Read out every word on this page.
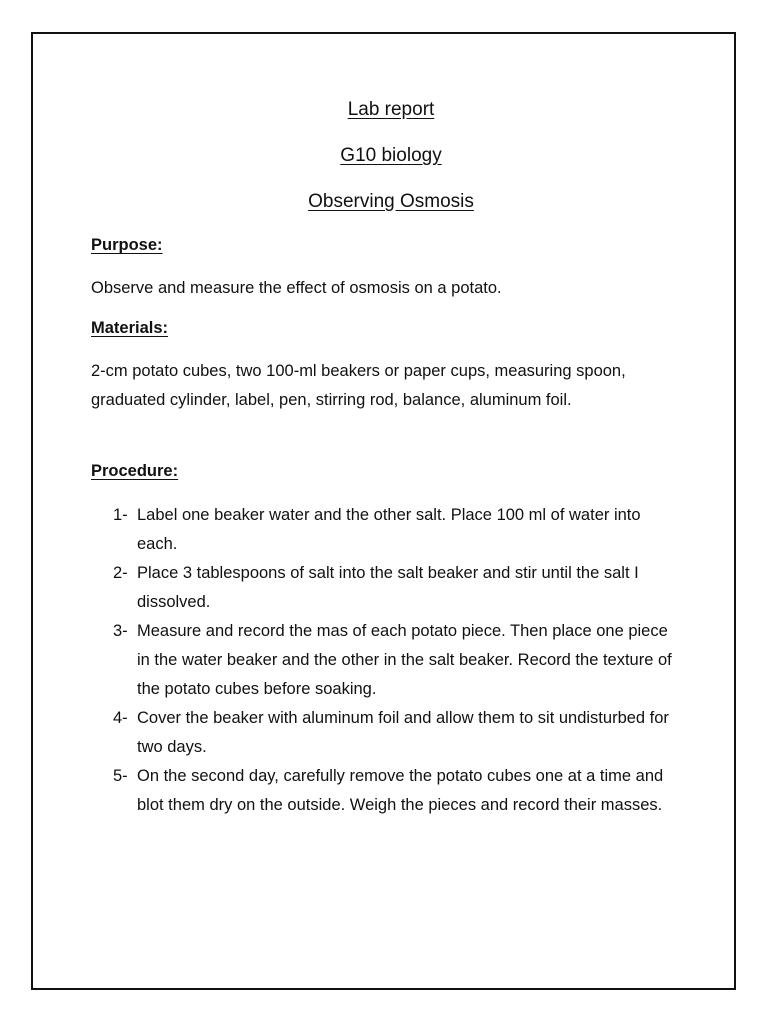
Lab report
G10 biology
Observing Osmosis
Purpose:

Observe and measure the effect of osmosis on a potato.

Materials:

2-cm potato cubes, two 100-ml beakers or paper cups, measuring spoon, graduated cylinder, label, pen, stirring rod, balance, aluminum foil.

Procedure:
1- Label one beaker water and the other salt. Place 100 ml of water into each.
2- Place 3 tablespoons of salt into the salt beaker and stir until the salt I dissolved.
3- Measure and record the mas of each potato piece. Then place one piece in the water beaker and the other in the salt beaker. Record the texture of the potato cubes before soaking.
4- Cover the beaker with aluminum foil and allow them to sit undisturbed for two days.
5- On the second day, carefully remove the potato cubes one at a time and blot them dry on the outside. Weigh the pieces and record their masses.
